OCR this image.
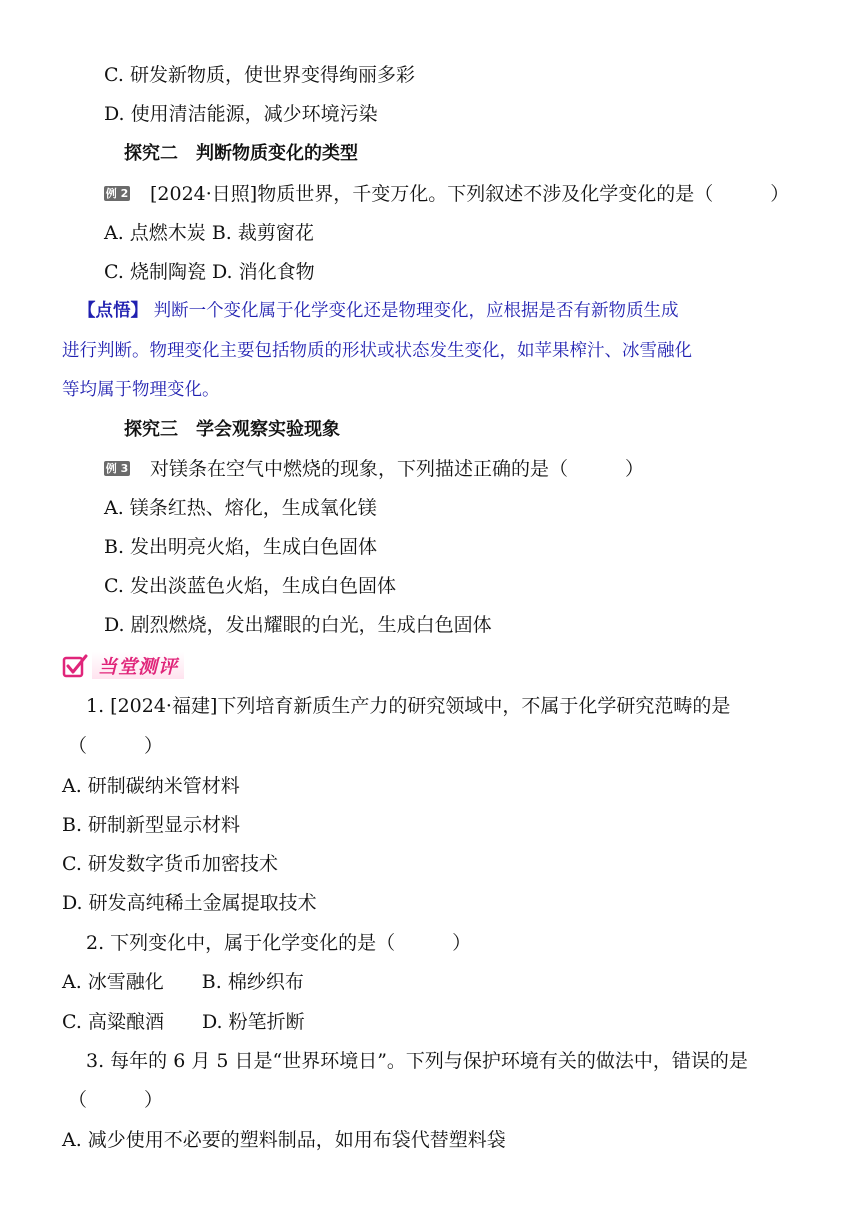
C. 研发新物质，使世界变得绚丽多彩
D. 使用清洁能源，减少环境污染
探究二　判断物质变化的类型
例 2 [2024·日照]物质世界，千变万化。下列叙述不涉及化学变化的是（　　　）
A. 点燃木炭 B. 裁剪窗花
C. 烧制陶瓷 D. 消化食物
【点悟】 判断一个变化属于化学变化还是物理变化，应根据是否有新物质生成
进行判断。物理变化主要包括物质的形状或状态发生变化，如苹果榨汁、冰雪融化
等均属于物理变化。
探究三　学会观察实验现象
例 3 对镁条在空气中燃烧的现象，下列描述正确的是（　　　）
A. 镁条红热、熔化，生成氧化镁
B. 发出明亮火焰，生成白色固体
C. 发出淡蓝色火焰，生成白色固体
D. 剧烈燃烧，发出耀眼的白光，生成白色固体
当堂测评
1. [2024·福建]下列培育新质生产力的研究领域中，不属于化学研究范畴的是
（　　　）
A. 研制碳纳米管材料
B. 研制新型显示材料
C. 研发数字货币加密技术
D. 研发高纯稀土金属提取技术
2. 下列变化中，属于化学变化的是（　　　）
A. 冰雪融化　　B. 棉纱织布
C. 高粱酿酒　　D. 粉笔折断
3. 每年的 6 月 5 日是“世界环境日”。下列与保护环境有关的做法中，错误的是
（　　　）
A. 减少使用不必要的塑料制品，如用布袋代替塑料袋
